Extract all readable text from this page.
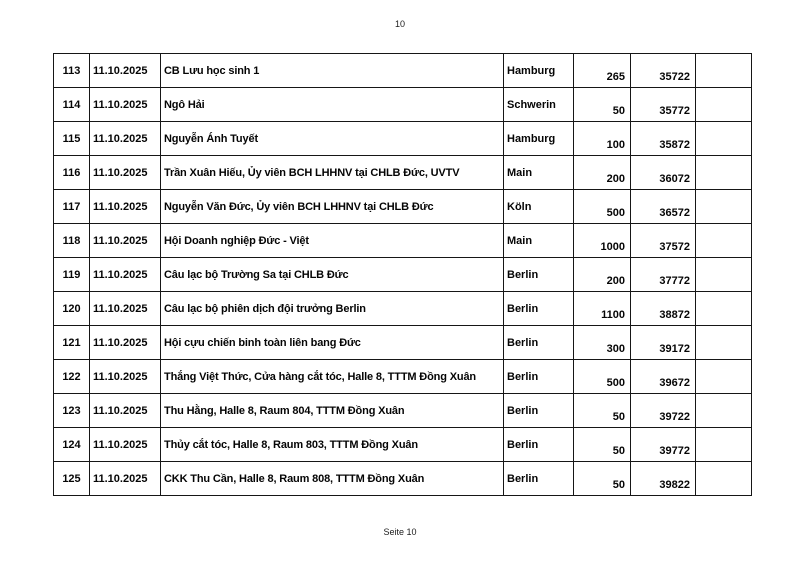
10
113	11.10.2025	CB Lưu học sinh 1	Hamburg	265	35722	
114	11.10.2025	Ngô Hải	Schwerin	50	35772	
115	11.10.2025	Nguyễn Ánh Tuyết	Hamburg	100	35872	
116	11.10.2025	Trần Xuân Hiếu, Ủy viên BCH LHHNV tại CHLB Đức, UVTV	Main	200	36072	
117	11.10.2025	Nguyễn Văn Đức, Ủy viên BCH LHHNV tại CHLB Đức	Köln	500	36572	
118	11.10.2025	Hội Doanh nghiệp Đức - Việt	Main	1000	37572	
119	11.10.2025	Câu lạc bộ Trường Sa tại CHLB Đức	Berlin	200	37772	
120	11.10.2025	Câu lạc bộ phiên dịch đội trưởng Berlin	Berlin	1100	38872	
121	11.10.2025	Hội cựu chiến binh toàn liên bang Đức	Berlin	300	39172	
122	11.10.2025	Thắng Việt Thức, Cửa hàng cắt tóc, Halle 8, TTTM Đồng Xuân	Berlin	500	39672	
123	11.10.2025	Thu Hằng, Halle 8, Raum 804, TTTM Đồng Xuân	Berlin	50	39722	
124	11.10.2025	Thủy cắt tóc, Halle 8, Raum 803, TTTM Đồng Xuân	Berlin	50	39772	
125	11.10.2025	CKK Thu Cần, Halle 8, Raum 808, TTTM Đồng Xuân	Berlin	50	39822	
Seite 10
